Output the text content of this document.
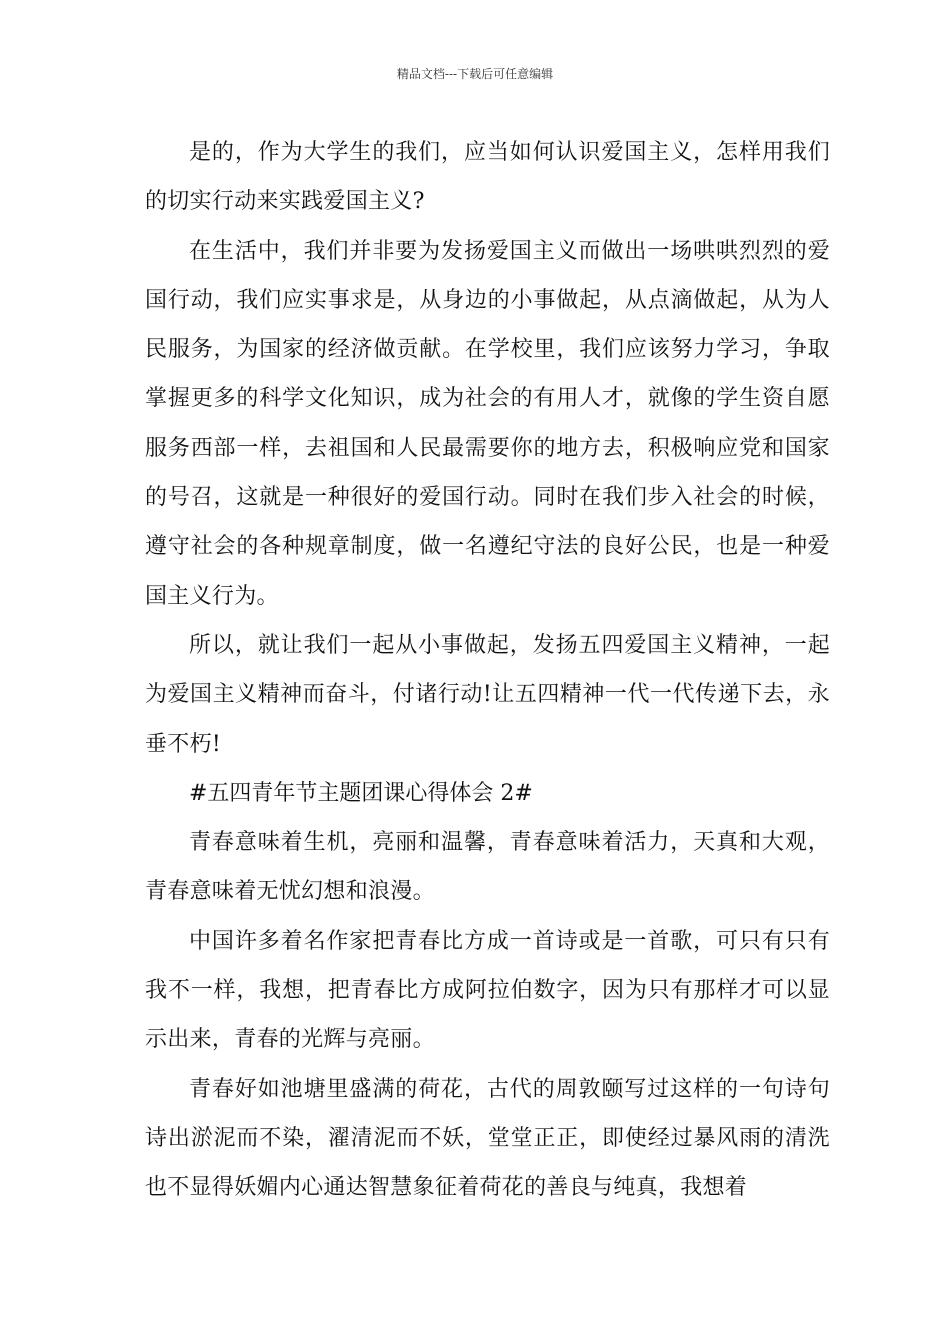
精品文档---下载后可任意编辑

是的，作为大学生的我们，应当如何认识爱国主义，怎样用我们的切实行动来实践爱国主义?

在生活中，我们并非要为发扬爱国主义而做出一场哄哄烈烈的爱国行动，我们应实事求是，从身边的小事做起，从点滴做起，从为人民服务，为国家的经济做贡献。在学校里，我们应该努力学习，争取掌握更多的科学文化知识，成为社会的有用人才，就像的学生资自愿服务西部一样，去祖国和人民最需要你的地方去，积极响应党和国家的号召，这就是一种很好的爱国行动。同时在我们步入社会的时候，遵守社会的各种规章制度，做一名遵纪守法的良好公民，也是一种爱国主义行为。

所以，就让我们一起从小事做起，发扬五四爱国主义精神，一起为爱国主义精神而奋斗，付诸行动!让五四精神一代一代传递下去，永垂不朽!

#五四青年节主题团课心得体会 2#

青春意味着生机，亮丽和温馨，青春意味着活力，天真和大观，青春意味着无忧幻想和浪漫。

中国许多着名作家把青春比方成一首诗或是一首歌，可只有只有我不一样，我想，把青春比方成阿拉伯数字，因为只有那样才可以显示出来，青春的光辉与亮丽。

青春好如池塘里盛满的荷花，古代的周敦颐写过这样的一句诗句诗出淤泥而不染，濯清泥而不妖，堂堂正正，即使经过暴风雨的清洗也不显得妖媚内心通达智慧象征着荷花的善良与纯真，我想着
